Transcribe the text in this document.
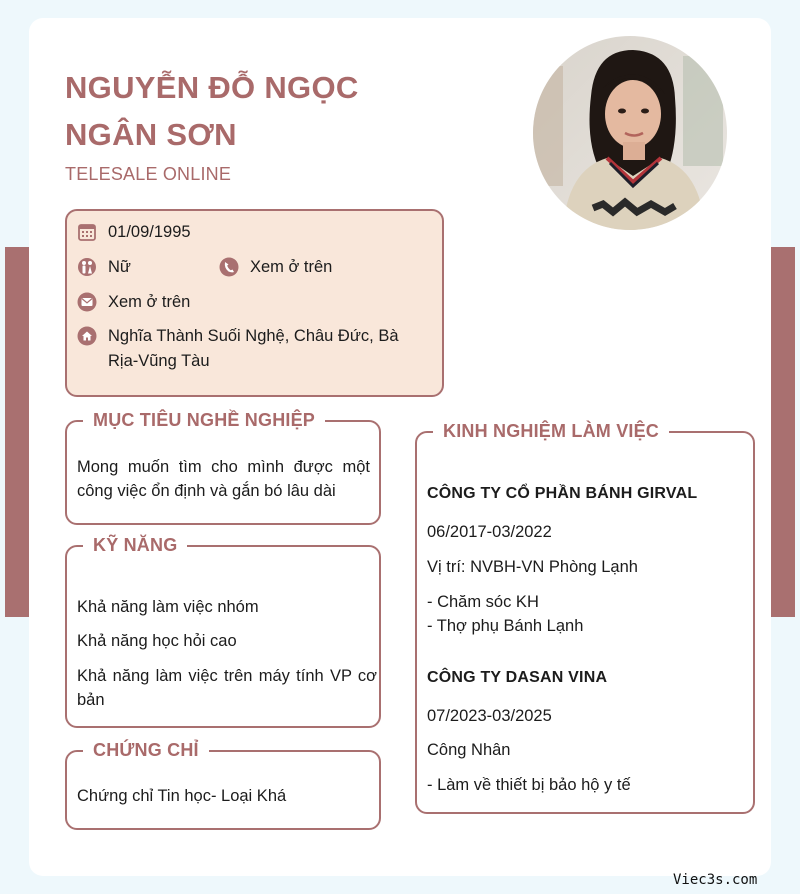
NGUYỄN ĐỖ NGỌC NGÂN SƠN
TELESALE ONLINE
01/09/1995
Nữ	Xem ở trên
Xem ở trên
Nghĩa Thành Suối Nghệ, Châu Đức, Bà Rịa-Vũng Tàu
MỤC TIÊU NGHỀ NGHIỆP
Mong muốn tìm cho mình được một công việc ổn định và gắn bó lâu dài
KỸ NĂNG
Khả năng làm việc nhóm
Khả năng học hỏi cao
Khả năng làm việc trên máy tính VP cơ bản
CHỨNG CHỈ
Chứng chỉ Tin học- Loại Khá
KINH NGHIỆM LÀM VIỆC
CÔNG TY CỔ PHẦN BÁNH GIRVAL
06/2017-03/2022
Vị trí: NVBH-VN Phòng Lạnh
- Chăm sóc KH
- Thợ phụ Bánh Lạnh
CÔNG TY DASAN VINA
07/2023-03/2025
Công Nhân
- Làm về thiết bị bảo hộ y tế
Viec3s.com
